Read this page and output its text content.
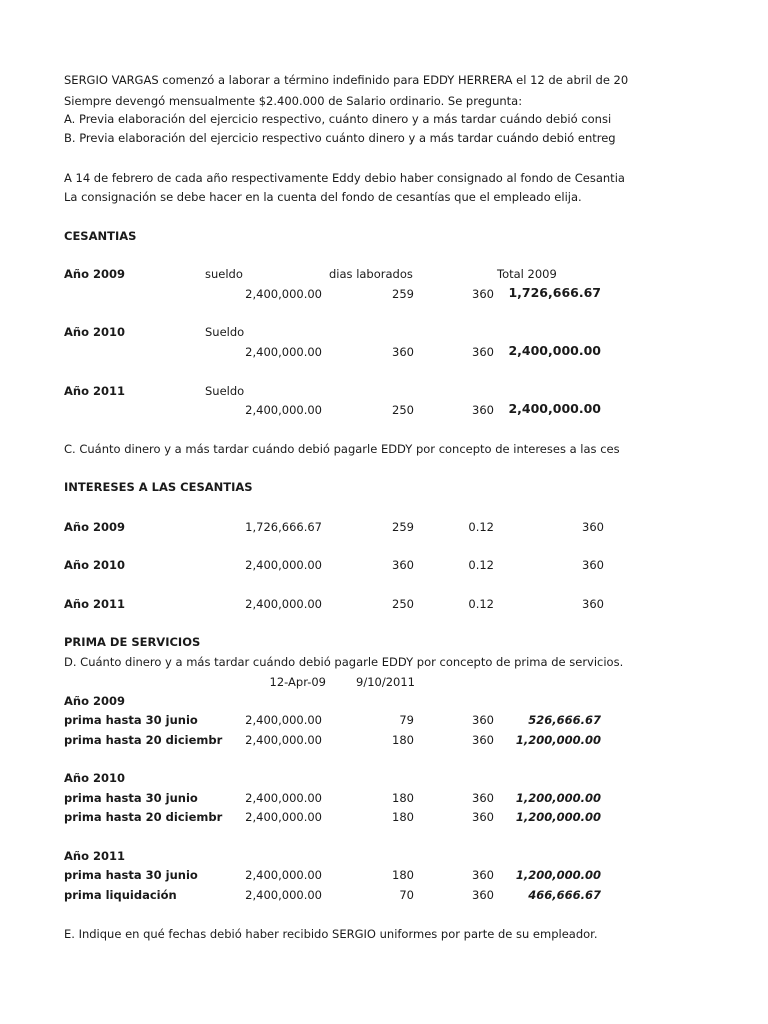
SERGIO VARGAS comenzó a laborar a término indefinido para EDDY HERRERA el 12 de abril de 20
Siempre devengó mensualmente $2.400.000 de Salario ordinario. Se pregunta:
A. Previa elaboración del ejercicio respectivo, cuánto dinero y a más tardar cuándo debió consi
B. Previa elaboración del ejercicio respectivo cuánto dinero y a más tardar cuándo debió entreg
A 14 de febrero de cada año respectivamente Eddy debio haber consignado al fondo de Cesantia
La consignación se debe hacer en la cuenta del fondo de cesantías que el empleado elija.
CESANTIAS
Año 2009	sueldo	dias laborados	Total 2009
2,400,000.00	259	360	1,726,666.67
Año 2010	Sueldo
2,400,000.00	360	360	2,400,000.00
Año 2011	Sueldo
2,400,000.00	250	360	2,400,000.00
C. Cuánto dinero y a más tardar cuándo debió pagarle EDDY por concepto de intereses a las ces
INTERESES A LAS CESANTIAS
Año 2009	1,726,666.67	259	0.12	360
Año 2010	2,400,000.00	360	0.12	360
Año 2011	2,400,000.00	250	0.12	360
PRIMA DE SERVICIOS
D. Cuánto dinero y a más tardar cuándo debió pagarle EDDY por concepto de prima de servicios.
12-Apr-09	9/10/2011
Año 2009
prima hasta 30 junio	2,400,000.00	79	360	526,666.67
prima hasta 20 diciembr	2,400,000.00	180	360	1,200,000.00
Año 2010
prima hasta 30 junio	2,400,000.00	180	360	1,200,000.00
prima hasta 20 diciembr	2,400,000.00	180	360	1,200,000.00
Año 2011
prima hasta 30 junio	2,400,000.00	180	360	1,200,000.00
prima liquidación	2,400,000.00	70	360	466,666.67
E. Indique en qué fechas debió haber recibido SERGIO uniformes por parte de su empleador.
